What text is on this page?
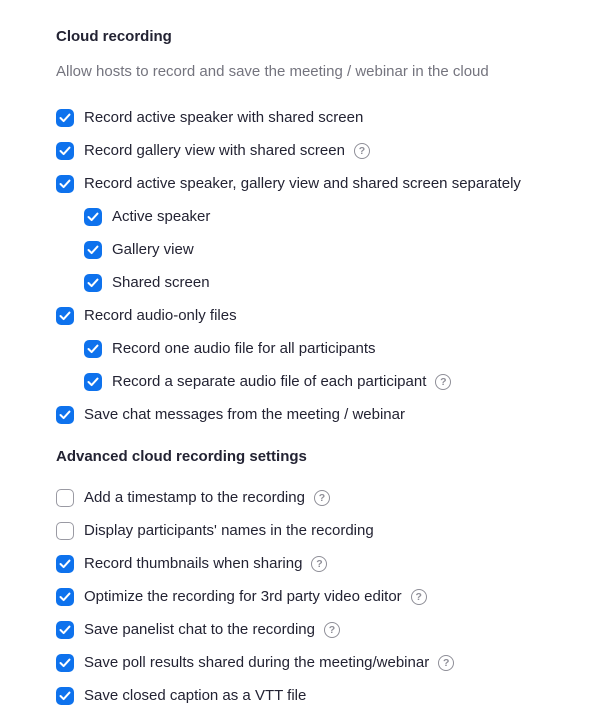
Cloud recording

Allow hosts to record and save the meeting / webinar in the cloud

Record active speaker with shared screen
Record gallery view with shared screen	?
Record active speaker, gallery view and shared screen separately
Active speaker
Gallery view
Shared screen
Record audio-only files
Record one audio file for all participants
Record a separate audio file of each participant	?
Save chat messages from the meeting / webinar
Advanced cloud recording settings
Add a timestamp to the recording	?
Display participants' names in the recording
Record thumbnails when sharing	?
Optimize the recording for 3rd party video editor	?
Save panelist chat to the recording	?
Save poll results shared during the meeting/webinar	?
Save closed caption as a VTT file
